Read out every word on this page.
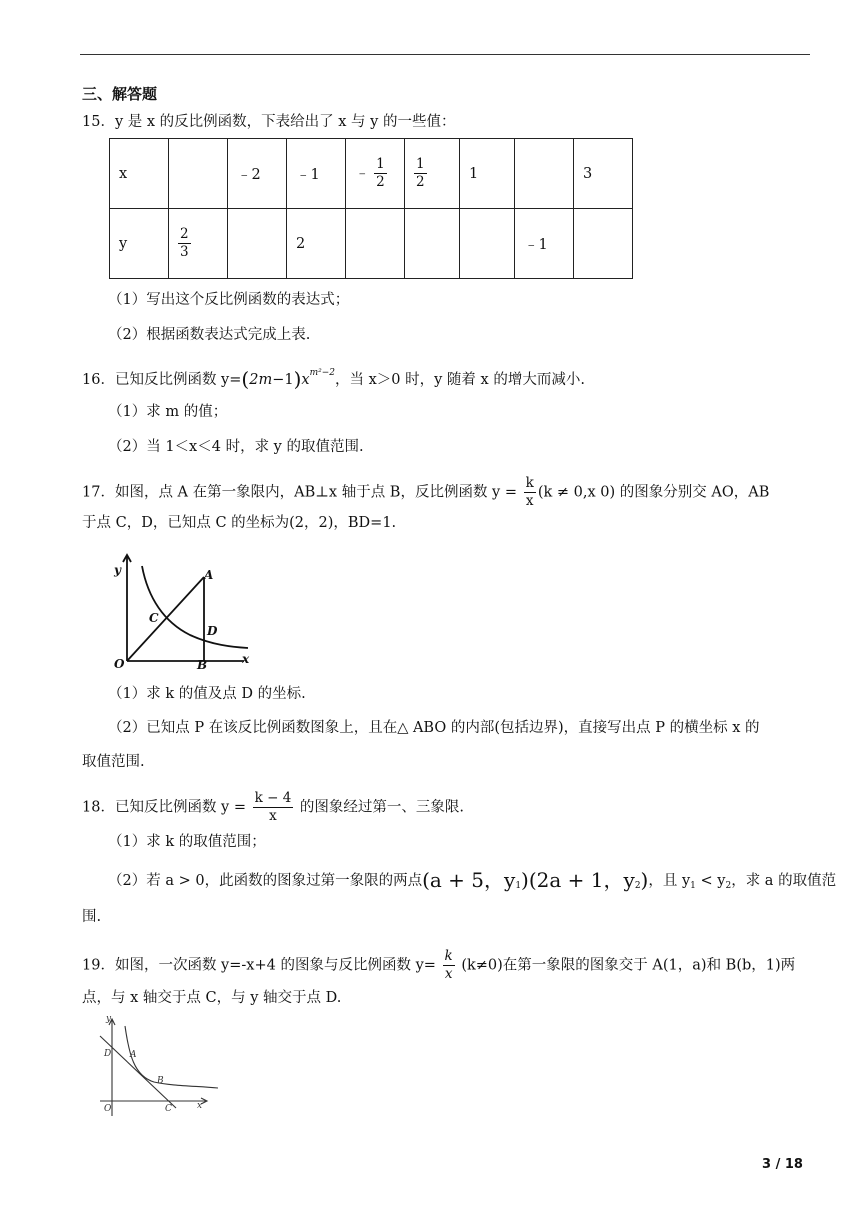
三、解答题
15．y 是 x 的反比例函数，下表给出了 x 与 y 的一些值：
x		﹣2	﹣1	﹣ $\frac{1}{2}$	$\frac{1}{2}$	1		3
y	$\frac{2}{3}$		2				﹣1	
（1）写出这个反比例函数的表达式；
（2）根据函数表达式完成上表.
16．已知反比例函数 $y=(2m-1)x^{m^2-2}$，当 x＞0 时，y 随着 x 的增大而减小.
（1）求 m 的值；
（2）当 1＜x＜4 时，求 y 的取值范围.
17．如图，点 A 在第一象限内，AB⊥x 轴于点 B，反比例函数 $y = \frac{k}{x} (k \ne 0,x$ 0) 的图象分别交 AO，AB
于点 C，D，已知点 C 的坐标为(2，2)，BD=1.
y
x
O
A
B
C
D
（1）求 k 的值及点 D 的坐标.
（2）已知点 P 在该反比例函数图象上，且在△ ABO 的内部(包括边界)，直接写出点 P 的横坐标 x 的
取值范围.
18．已知反比例函数 $y = \frac{k - 4}{x}$ 的图象经过第一、三象限.
（1）求 k 的取值范围；
（2）若 a > 0，此函数的图象过第一象限的两点(a + 5，$y_1)(2a + 1$，$y_2$)，且 $y_1 < y_2$，求 a 的取值范
围.
19．如图，一次函数 y=-x+4 的图象与反比例函数 $y= \frac{k}{x} (k\ne 0)$在第一象限的图象交于 A(1，a)和 B(b，1)两
点，与 x 轴交于点 C，与 y 轴交于点 D.
y
x
O
A
B
C
D
3 / 18
